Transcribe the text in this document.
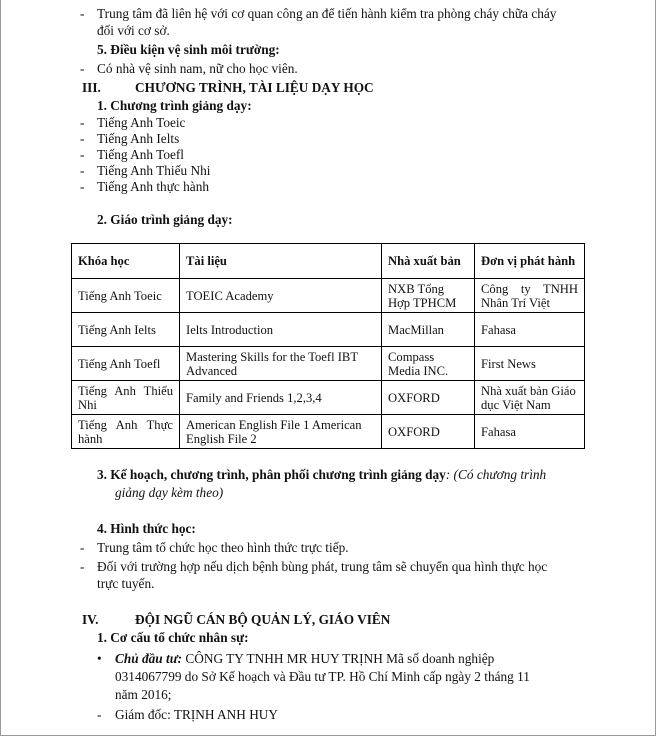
- Trung tâm đã liên hệ với cơ quan công an để tiến hành kiểm tra phòng cháy chữa cháy
đối với cơ sở.
5. Điều kiện vệ sinh môi trường:
- Có nhà vệ sinh nam, nữ cho học viên.
III.	CHƯƠNG TRÌNH, TÀI LIỆU DẠY HỌC
1. Chương trình giảng dạy:
- Tiếng Anh Toeic
- Tiếng Anh Ielts
- Tiếng Anh Toefl
- Tiếng Anh Thiếu Nhi
- Tiếng Anh thực hành
2. Giáo trình giảng dạy:
Khóa học	Tài liệu	Nhà xuất bản	Đơn vị phát hành
Tiếng Anh Toeic	TOEIC Academy	NXB Tổng Hợp TPHCM	Công ty TNHH Nhân Trí Việt
Tiếng Anh Ielts	Ielts Introduction	MacMillan	Fahasa
Tiếng Anh Toefl	Mastering Skills for the Toefl IBT Advanced	Compass Media INC.	First News
Tiếng Anh Thiếu Nhi	Family and Friends 1,2,3,4	OXFORD	Nhà xuất bản Giáo dục Việt Nam
Tiếng Anh Thực hành	American English File 1 American English File 2	OXFORD	Fahasa
3. Kế hoạch, chương trình, phân phối chương trình giảng dạy: (Có chương trình
giảng dạy kèm theo)
4. Hình thức học:
- Trung tâm tổ chức học theo hình thức trực tiếp.
- Đối với trường hợp nếu dịch bệnh bùng phát, trung tâm sẽ chuyển qua hình thực học
trực tuyến.
IV.	ĐỘI NGŨ CÁN BỘ QUẢN LÝ, GIÁO VIÊN
1. Cơ cấu tổ chức nhân sự:
• Chủ đầu tư: CÔNG TY TNHH MR HUY TRỊNH Mã số doanh nghiệp
0314067799 do Sở Kế hoạch và Đầu tư TP. Hồ Chí Minh cấp ngày 2 tháng 11
năm 2016;
- Giám đốc: TRỊNH ANH HUY
